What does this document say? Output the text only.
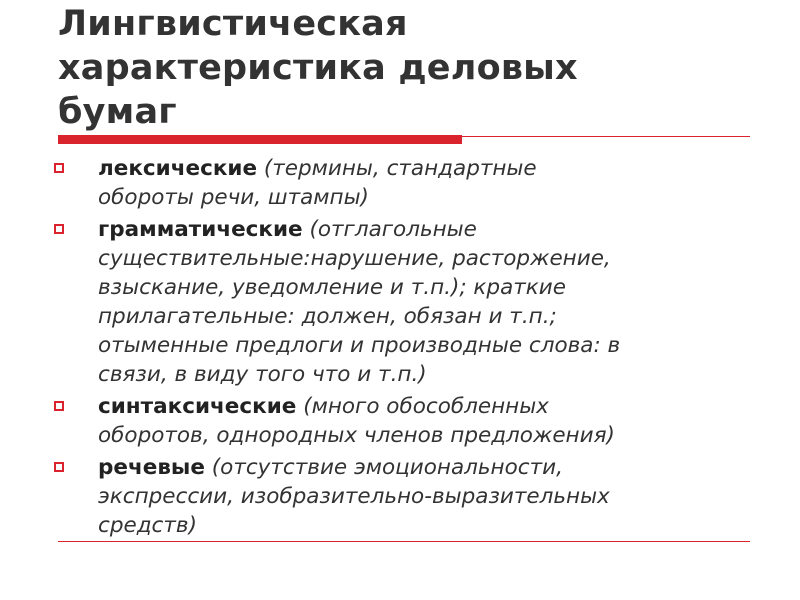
Лингвистическая
характеристика деловых
бумаг
лексические (термины, стандартные
обороты речи, штампы)
грамматические (отглагольные
существительные:нарушение, расторжение,
взыскание, уведомление и т.п.); краткие
прилагательные: должен, обязан и т.п.;
отыменные предлоги и производные слова: в
связи, в виду того что и т.п.)
синтаксические (много обособленных
оборотов, однородных членов предложения)
речевые (отсутствие эмоциональности,
экспрессии, изобразительно-выразительных
средств)
